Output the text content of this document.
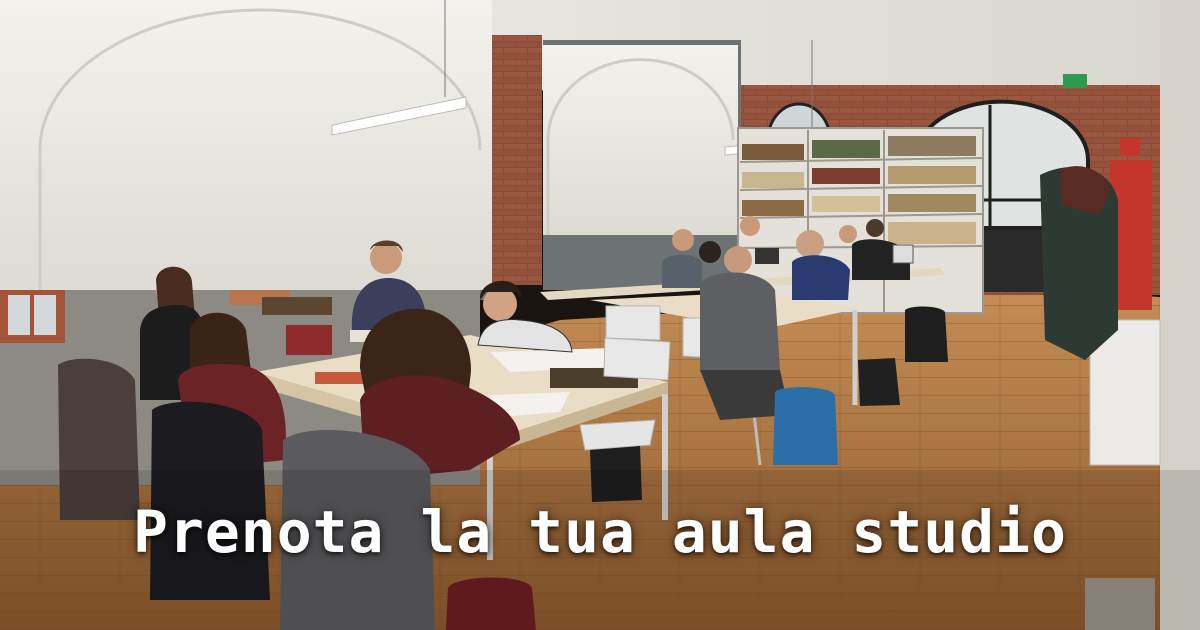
Prenota la tua aula studio
